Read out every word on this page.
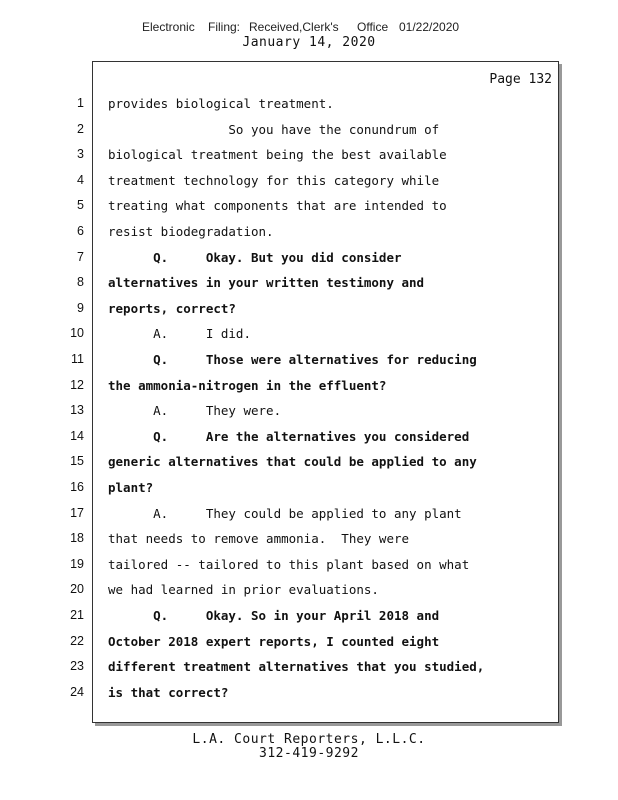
Electronic Filing: Received,Clerk's Office 01/22/2020
January 14, 2020
Page 132
1 provides biological treatment.
2 So you have the conundrum of
3 biological treatment being the best available
4 treatment technology for this category while
5 treating what components that are intended to
6 resist biodegradation.
7 Q.     Okay. But you did consider
8 alternatives in your written testimony and
9 reports, correct?
10 A.     I did.
11 Q.     Those were alternatives for reducing
12 the ammonia-nitrogen in the effluent?
13 A.     They were.
14 Q.     Are the alternatives you considered
15 generic alternatives that could be applied to any
16 plant?
17 A.     They could be applied to any plant
18 that needs to remove ammonia.  They were
19 tailored -- tailored to this plant based on what
20 we had learned in prior evaluations.
21 Q.     Okay. So in your April 2018 and
22 October 2018 expert reports, I counted eight
23 different treatment alternatives that you studied,
24 is that correct?
L.A. Court Reporters, L.L.C.
312-419-9292
